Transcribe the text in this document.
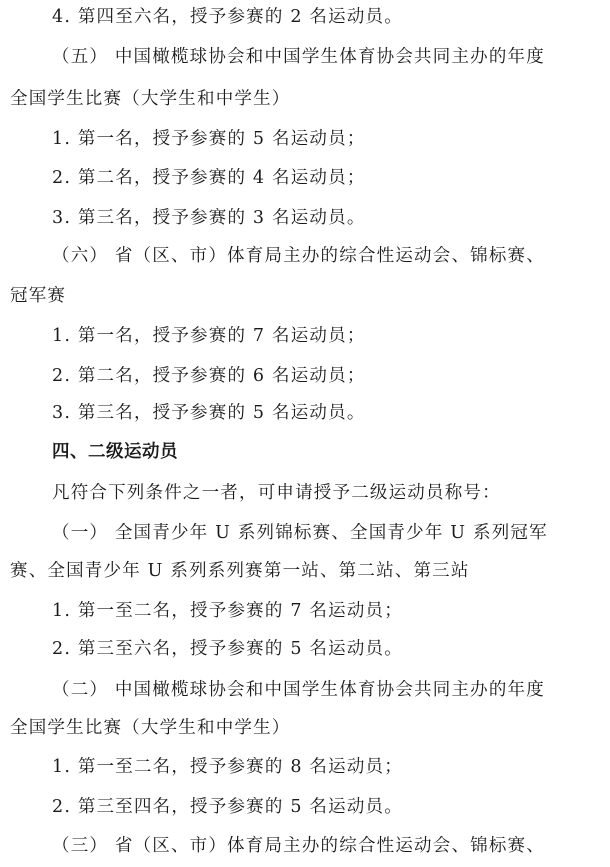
4. 第四至六名，授予参赛的 2 名运动员。
（五） 中国橄榄球协会和中国学生体育协会共同主办的年度
全国学生比赛（大学生和中学生）
1. 第一名，授予参赛的 5 名运动员；
2. 第二名，授予参赛的 4 名运动员；
3. 第三名，授予参赛的 3 名运动员。
（六） 省（区、市）体育局主办的综合性运动会、锦标赛、
冠军赛
1. 第一名，授予参赛的 7 名运动员；
2. 第二名，授予参赛的 6 名运动员；
3. 第三名，授予参赛的 5 名运动员。
四、二级运动员
凡符合下列条件之一者，可申请授予二级运动员称号：
（一） 全国青少年 U 系列锦标赛、全国青少年 U 系列冠军
赛、全国青少年 U 系列系列赛第一站、第二站、第三站
1. 第一至二名，授予参赛的 7 名运动员；
2. 第三至六名，授予参赛的 5 名运动员。
（二） 中国橄榄球协会和中国学生体育协会共同主办的年度
全国学生比赛（大学生和中学生）
1. 第一至二名，授予参赛的 8 名运动员；
2. 第三至四名，授予参赛的 5 名运动员。
（三） 省（区、市）体育局主办的综合性运动会、锦标赛、
